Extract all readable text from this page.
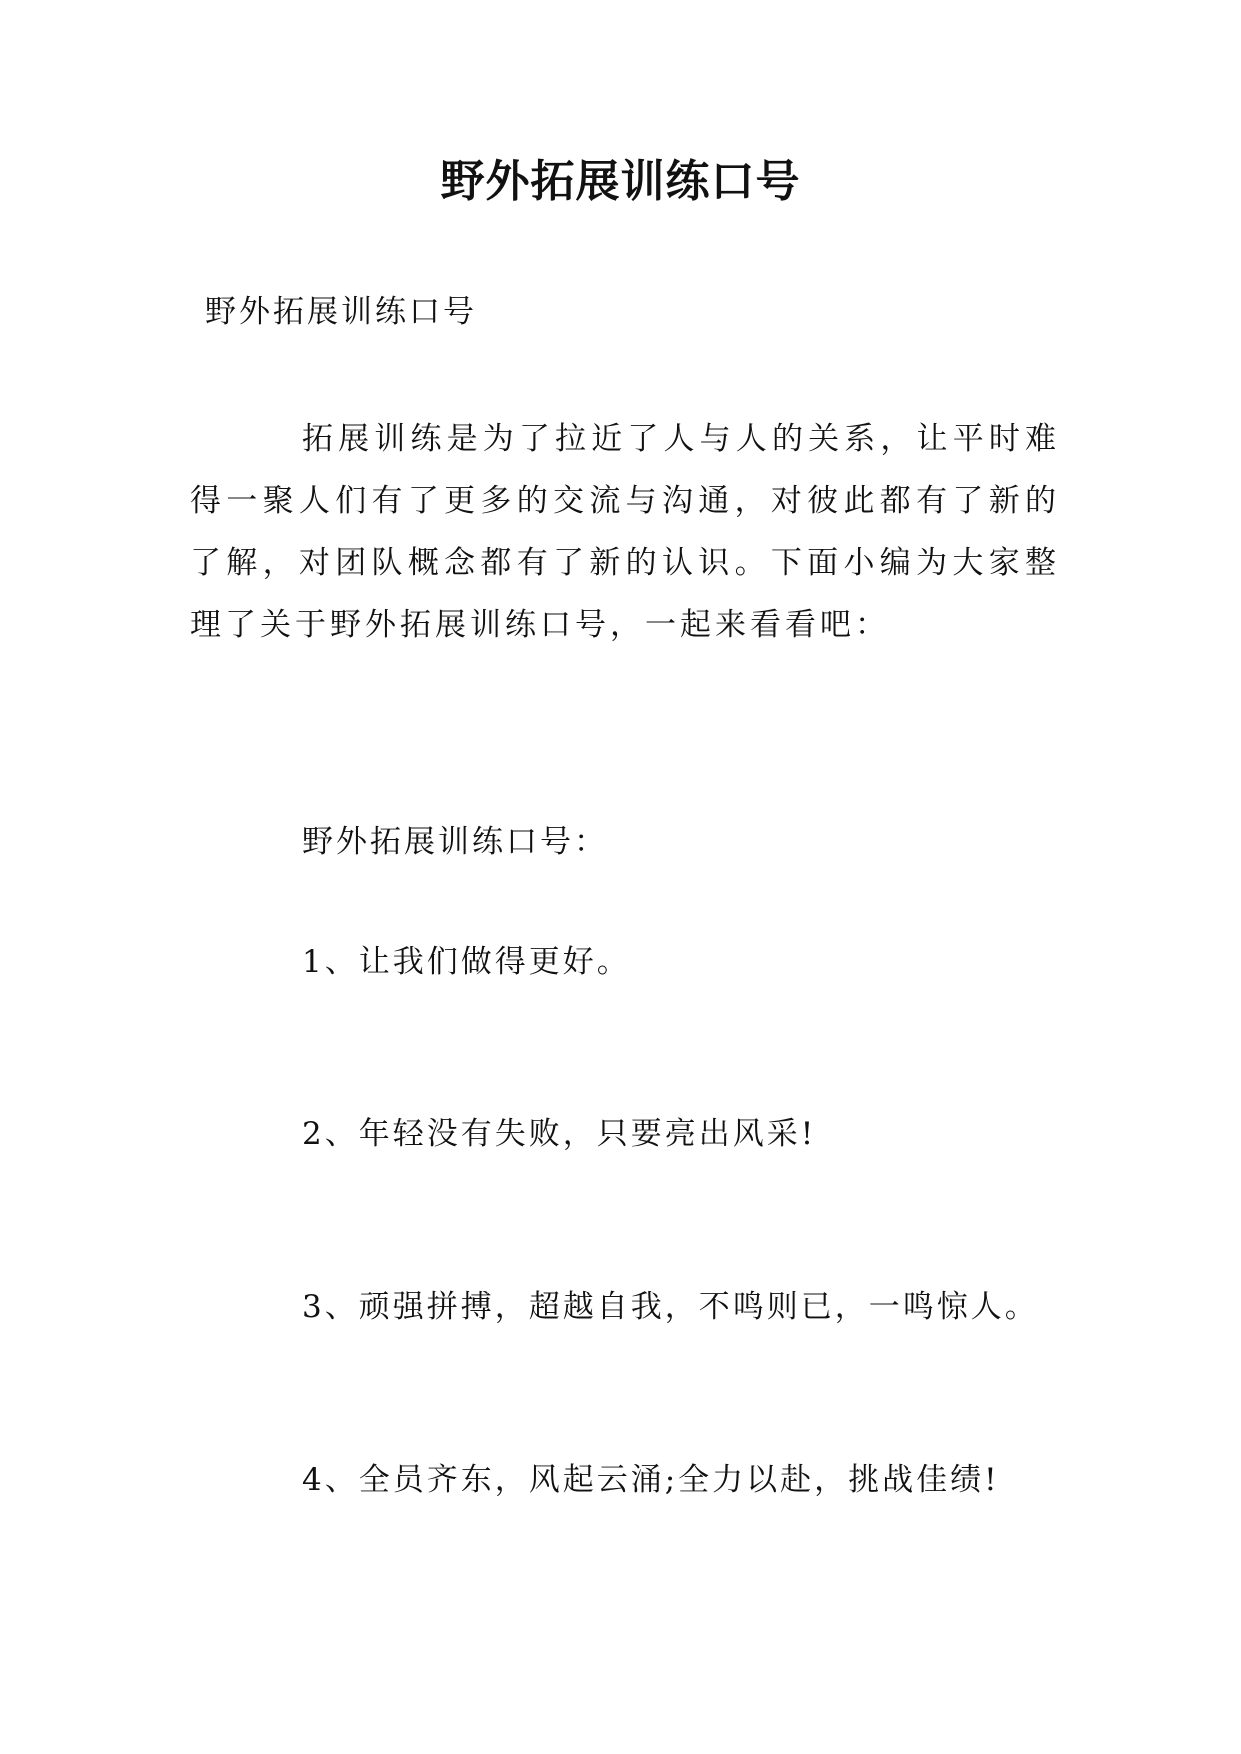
野外拓展训练口号
野外拓展训练口号
拓展训练是为了拉近了人与人的关系，让平时难得一聚人们有了更多的交流与沟通，对彼此都有了新的了解，对团队概念都有了新的认识。下面小编为大家整理了关于野外拓展训练口号，一起来看看吧：
野外拓展训练口号：
1、让我们做得更好。
2、年轻没有失败，只要亮出风采!
3、顽强拼搏，超越自我，不鸣则已，一鸣惊人。
4、全员齐东，风起云涌;全力以赴，挑战佳绩!
